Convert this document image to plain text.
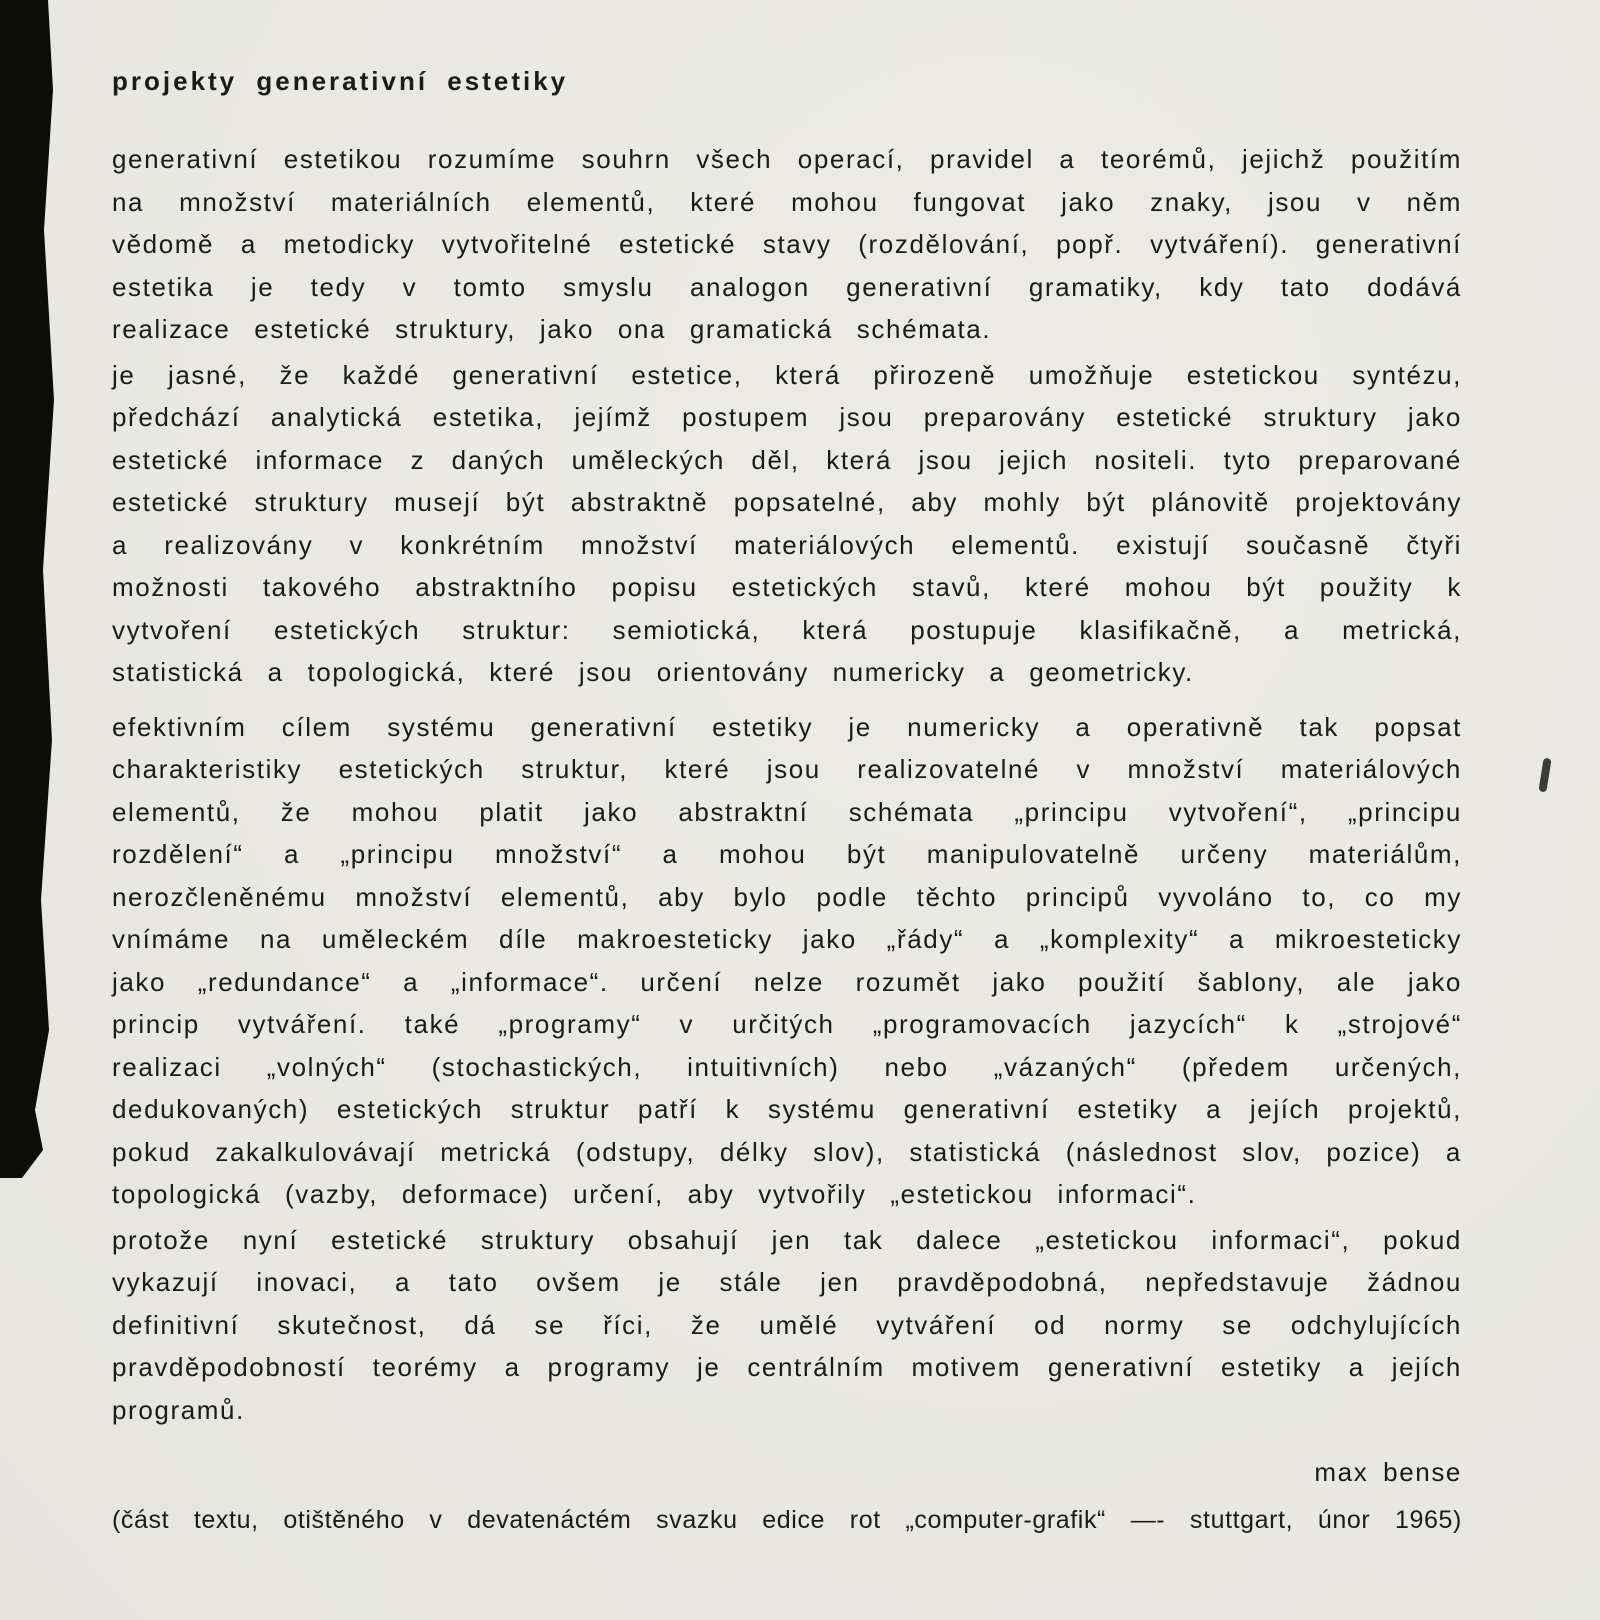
projekty generativní estetiky

generativní estetikou rozumíme souhrn všech operací, pravidel a teorémů, jejichž použitím na množství materiálních elementů, které mohou fungovat jako znaky, jsou v něm vědomě a metodicky vytvořitelné estetické stavy (rozdělování, popř. vytváření). generativní estetika je tedy v tomto smyslu analogon generativní gramatiky, kdy tato dodává realizace estetické struktury, jako ona gramatická schémata.

je jasné, že každé generativní estetice, která přirozeně umožňuje estetickou syntézu, předchází analytická estetika, jejímž postupem jsou preparovány estetické struktury jako estetické informace z daných uměleckých děl, která jsou jejich nositeli. tyto preparované estetické struktury musejí být abstraktně popsatelné, aby mohly být plánovitě projektovány a realizovány v konkrétním množství materiálových elementů. existují současně čtyři možnosti takového abstraktního popisu estetických stavů, které mohou být použity k vytvoření estetických struktur: semiotická, která postupuje klasifikačně, a metrická, statistická a topologická, které jsou orientovány numericky a geometricky.

efektivním cílem systému generativní estetiky je numericky a operativně tak popsat charakteristiky estetických struktur, které jsou realizovatelné v množství materiálových elementů, že mohou platit jako abstraktní schémata „principu vytvoření“, „principu rozdělení“ a „principu množství“ a mohou být manipulovatelně určeny materiálům, nerozčleněnému množství elementů, aby bylo podle těchto principů vyvoláno to, co my vnímáme na uměleckém díle makroesteticky jako „řády“ a „komplexity“ a mikroesteticky jako „redundance“ a „informace“. určení nelze rozumět jako použití šablony, ale jako princip vytváření. také „programy“ v určitých „programovacích jazycích“ k „strojové“ realizaci „volných“ (stochastických, intuitivních) nebo „vázaných“ (předem určených, dedukovaných) estetických struktur patří k systému generativní estetiky a jejích projektů, pokud zakalkulovávají metrická (odstupy, délky slov), statistická (následnost slov, pozice) a topologická (vazby, deformace) určení, aby vytvořily „estetickou informaci“.

protože nyní estetické struktury obsahují jen tak dalece „estetickou informaci“, pokud vykazují inovaci, a tato ovšem je stále jen pravděpodobná, nepředstavuje žádnou definitivní skutečnost, dá se říci, že umělé vytváření od normy se odchylujících pravděpodobností teorémy a programy je centrálním motivem generativní estetiky a jejích programů.

max bense

(část textu, otištěného v devatenáctém svazku edice rot „computer-grafik“ —- stuttgart, únor 1965)
